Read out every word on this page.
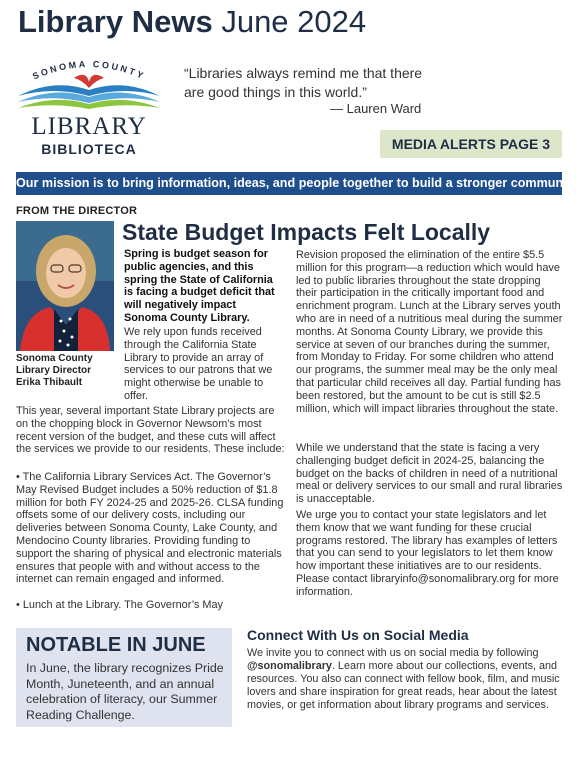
Library News June 2024
SONOMA COUNTY
LIBRARY
BIBLIOTECA
“Libraries always remind me that there are good things in this world.”
— Lauren Ward
MEDIA ALERTS PAGE 3
Our mission is to bring information, ideas, and people together to build a stronger community
FROM THE DIRECTOR
Sonoma County
Library Director
Erika Thibault
State Budget Impacts Felt Locally
Spring is budget season for public agencies, and this spring the State of California is facing a budget deficit that will negatively impact Sonoma County Library.
We rely upon funds received through the California State Library to provide an array of services to our patrons that we might otherwise be unable to offer.
This year, several important State Library projects are on the chopping block in Governor Newsom’s most recent version of the budget, and these cuts will affect the services we provide to our residents. These include:
• The California Library Services Act. The Governor’s May Revised Budget includes a 50% reduction of $1.8 million for both FY 2024-25 and 2025-26. CLSA funding offsets some of our delivery costs, including our deliveries between Sonoma County, Lake County, and Mendocino County libraries. Providing funding to support the sharing of physical and electronic materials ensures that people with and without access to the internet can remain engaged and informed.
• Lunch at the Library. The Governor’s May
Revision proposed the elimination of the entire $5.5 million for this program—a reduction which would have led to public libraries throughout the state dropping their participation in the critically important food and enrichment program. Lunch at the Library serves youth who are in need of a nutritious meal during the summer months. At Sonoma County Library, we provide this service at seven of our branches during the summer, from Monday to Friday. For some children who attend our programs, the summer meal may be the only meal that particular child receives all day. Partial funding has been restored, but the amount to be cut is still $2.5 million, which will impact libraries throughout the state.
While we understand that the state is facing a very challenging budget deficit in 2024-25, balancing the budget on the backs of children in need of a nutritional meal or delivery services to our small and rural libraries is unacceptable.
We urge you to contact your state legislators and let them know that we want funding for these crucial programs restored. The library has examples of letters that you can send to your legislators to let them know how important these initiatives are to our residents. Please contact libraryinfo@sonomalibrary.org for more information.
NOTABLE IN JUNE
In June, the library recognizes Pride Month, Juneteenth, and an annual celebration of literacy, our Summer Reading Challenge.
Connect With Us on Social Media
We invite you to connect with us on social media by following @sonomalibrary. Learn more about our collections, events, and resources. You also can connect with fellow book, film, and music lovers and share inspiration for great reads, hear about the latest movies, or get information about library programs and services.
